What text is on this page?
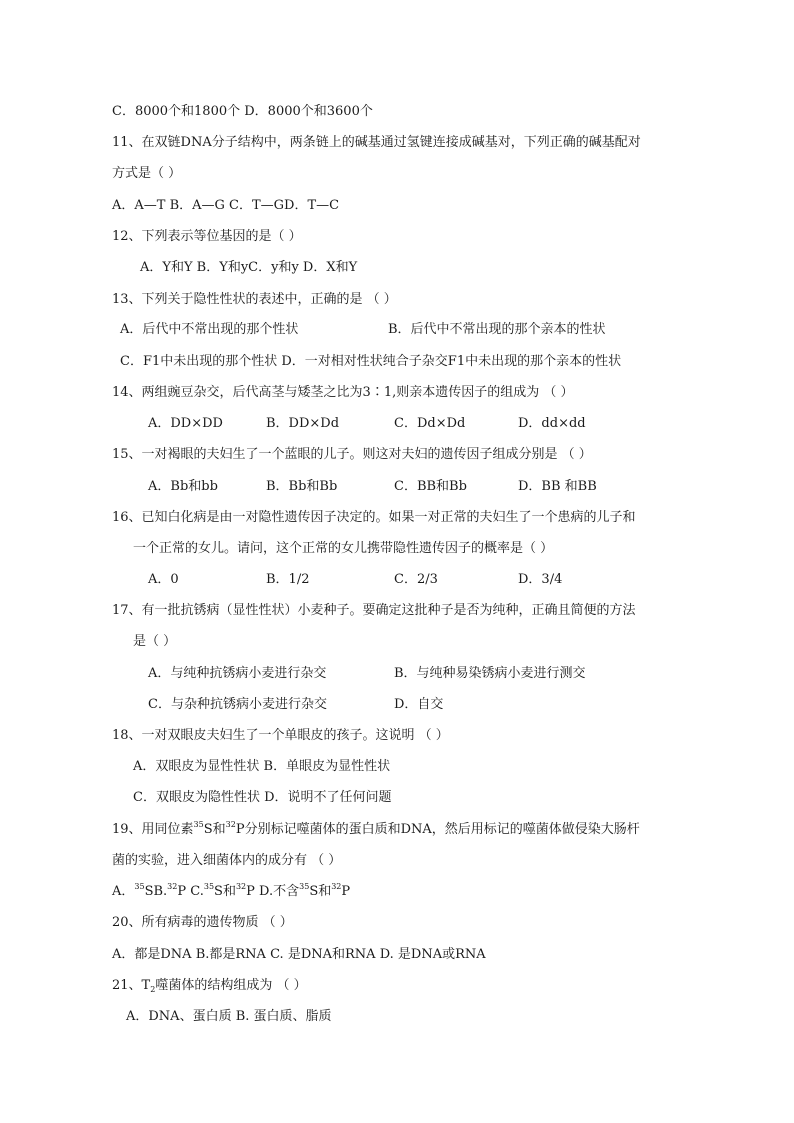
C．8000个和1800个 D．8000个和3600个
11、在双链DNA分子结构中，两条链上的碱基通过氢键连接成碱基对，下列正确的碱基配对
方式是（ ）
A．A—T B．A—G C．T—GD．T—C
12、下列表示等位基因的是（ ）
A．Y和Y B．Y和yC．y和y D．X和Y
13、下列关于隐性性状的表述中，正确的是 （ ）
A．后代中不常出现的那个性状	B．后代中不常出现的那个亲本的性状
C．F1中未出现的那个性状 D．一对相对性状纯合子杂交F1中未出现的那个亲本的性状
14、两组豌豆杂交，后代高茎与矮茎之比为3∶1,则亲本遗传因子的组成为 （ ）
A．DD×DD	B．DD×Dd	C．Dd×Dd	D．dd×dd
15、一对褐眼的夫妇生了一个蓝眼的儿子。则这对夫妇的遗传因子组成分别是 （ ）
A．Bb和bb	B．Bb和Bb	C．BB和Bb	D．BB 和BB
16、已知白化病是由一对隐性遗传因子决定的。如果一对正常的夫妇生了一个患病的儿子和
一个正常的女儿。请问，这个正常的女儿携带隐性遗传因子的概率是（ ）
A．0	B．1/2	C．2/3	D．3/4
17、有一批抗锈病（显性性状）小麦种子。要确定这批种子是否为纯种，正确且简便的方法
是（ ）
A．与纯种抗锈病小麦进行杂交	B．与纯种易染锈病小麦进行测交
C．与杂种抗锈病小麦进行杂交	D．自交
18、一对双眼皮夫妇生了一个单眼皮的孩子。这说明 （ ）
A．双眼皮为显性性状 B．单眼皮为显性性状
C．双眼皮为隐性性状 D．说明不了任何问题
19、用同位素$^{35}$S和$^{32}$P分别标记噬菌体的蛋白质和DNA，然后用标记的噬菌体做侵染大肠杆
菌的实验，进入细菌体内的成分有 （ ）
A．$^{35}$SB.$^{32}$P C.$^{35}$S和$^{32}$P D.不含$^{35}$S和$^{32}$P
20、所有病毒的遗传物质 （ ）
A．都是DNA B.都是RNA C. 是DNA和RNA D. 是DNA或RNA
21、$T_2$噬菌体的结构组成为 （ ）
A．DNA、蛋白质 B. 蛋白质、脂质
